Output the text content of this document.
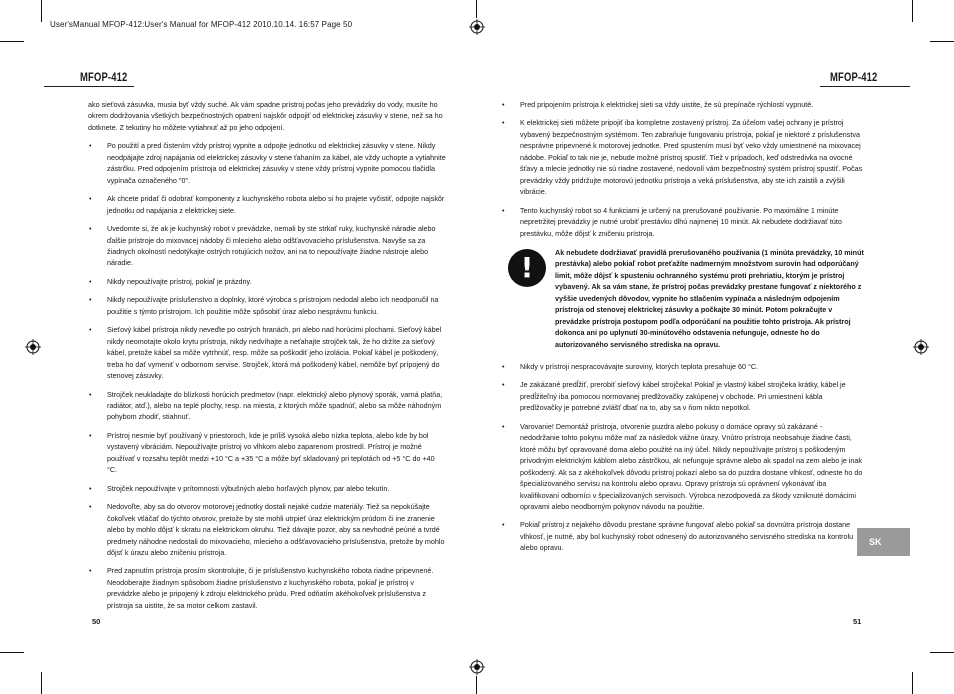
User'sManual MFOP-412:User's Manual for MFOP-412 2010.10.14. 16:57 Page 50
MFOP-412

ako sieťová zásuvka, musia byť vždy suché. Ak vám spadne prístroj počas jeho prevádzky do vody, musíte ho okrem dodržovania všetkých bezpečnostných opatrení najskôr odpojiť od elektrickej zásuvky v stene, než sa ho dotknete. Z tekutiny ho môžete vytiahnuť až po jeho odpojení.

• Po použití a pred čistením vždy prístroj vypnite a odpojte jednotku od elektrickej zásuvky v stene. Nikdy neodpájajte zdroj napájania od elektrickej zásuvky v stene ťahaním za kábel, ale vždy uchopte a vytiahnite zástrčku. Pred odpojením prístroja od elektrickej zásuvky v stene vždy prístroj vypnite pomocou tlačidla vypínača označeného "0".
• Ak chcete pridať či odobrať komponenty z kuchynského robota alebo si ho prajete vyčistiť, odpojte najskôr jednotku od napájania z elektrickej siete.
• Uvedomte si, že ak je kuchynský robot v prevádzke, nemali by ste strkať ruky, kuchynské náradie alebo ďalšie prístroje do mixovacej nádoby či mlecieho alebo odšťavovacieho príslušenstva. Navyše sa za žiadnych okolností nedotýkajte ostrých rotujúcich nožov, ani na to nepoužívajte žiadne nástroje alebo náradie.
• Nikdy nepoužívajte prístroj, pokiaľ je prázdny.
• Nikdy nepoužívajte príslušenstvo a doplnky, ktoré výrobca s prístrojom nedodal alebo ich neodporučil na použitie s týmto prístrojom. Ich použitie môže spôsobiť úraz alebo nesprávnu funkciu.
• Sieťový kábel prístroja nikdy neveďte po ostrých hranách, pri alebo nad horúcimi plochami. Sieťový kábel nikdy neomotajte okolo krytu prístroja, nikdy nedvíhajte a neťahajte strojček tak, že ho držíte za sieťový kábel, pretože kábel sa môže vytrhnúť, resp. môže sa poškodiť jeho izolácia. Pokiaľ kábel je poškodený, treba ho dať vymeniť v odbornom servise. Strojček, ktorá má poškodený kábel, nemôže byť prípojený do stenovej zásuvky.
• Strojček neukladajte do blízkosti horúcich predmetov (napr. elektrický alebo plynový sporák, varná platňa, radiátor, atď.), alebo na teplé plochy, resp. na miesta, z ktorých môže spadnúť, alebo sa môže náhodným pohybom zhodiť, stiahnuť.
• Prístroj nesmie byť používaný v priestoroch, kde je príliš vysoká alebo nízka teplota, alebo kde by bol vystavený vibráciám. Nepoužívajte prístroj vo vlhkom alebo zaparenom prostredí. Prístroj je možné používať v rozsahu teplôt medzi +10 °C a +35 °C a môže byť skladovaný pri teplotách od +5 °C do +40 °C.
• Strojček nepoužívajte v prítomnosti výbušných alebo horľavých plynov, par alebo tekutín.
• Nedovoľte, aby sa do otvorov motorovej jednotky dostali nejaké cudzie materiály. Tiež sa nepokúšajte čokoľvek vtláčať do týchto otvorov, pretože by ste mohli utrpieť úraz elektrickým prúdom či ine zranenie alebo by mohlo dôjsť k skratu na elektrickom okruhu. Tiež dávajte pozor, aby sa nevhodné peúné a tvrdé predmety náhodne nedostali do mixovacieho, mlecieho a odšťavovacieho príslušenstva, pretože by mohlo dôjsť k úrazu alebo zničeniu prístroja.
• Pred zapnutím prístroja prosím skontrolujte, či je príslušenstvo kuchynského robota riadne pripevnené. Neodoberajte žiadnym spôsobom žiadne príslušenstvo z kuchynského robota, pokiaľ je prístroj v prevádzke alebo je pripojený k zdroju elektrického prúdu. Pred odňatím akéhokoľvek príslušenstva z prístroja sa uistite, že sa motor celkom zastavil.
50
MFOP-412
• Pred pripojením prístroja k elektrickej sieti sa vždy uistite, že sú prepínače rýchlostí vypnuté.
• K elektrickej sieti môžete pripojiť iba kompletne zostavený prístroj. Za účelom vašej ochrany je prístroj vybavený bezpečnostným systémom. Ten zabraňuje fungovaniu prístroja, pokiaľ je niektoré z príslušenstva nesprávne pripevnené k motorovej jednotke. Pred spustením musí byť veko vždy umiestnené na mixovacej nádobe. Pokiaľ to tak nie je, nebude možné prístroj spustiť. Tiež v prípadoch, keď odstredivka na ovocné šťavy a mlecie jednotky nie sú riadne zostavené, nedovolí vám bezpečnostný systém prístroj spustiť. Počas prevádzky vždy pridržujte motorovú jednotku prístroja a veká príslušenstva, aby ste ich zaistili a zvýšili vibrácie.
• Tento kuchynský robot so 4 funkciami je určený na prerušované používanie. Po maximálne 1 minúte nepretržitej prevádzky je nutné urobiť prestávku dlhú najmenej 10 minút. Ak nebudete dodržiavať túto prestávku, môže dôjsť k zničeniu prístroja.
!	Ak nebudete dodržiavať pravidlá prerušovaného používania (1 minúta prevádzky, 10 minút prestávka) alebo pokiaľ robot preťažíte nadmerným množstvom surovín had odporúčaný limit, môže dôjsť k spusteniu ochranného systému proti prehriatiu, ktorým je prístroj vybavený. Ak sa vám stane, že prístroj počas prevádzky prestane fungovať z niektorého z vyššie uvedených dôvodov, vypnite ho stlačením vypínača a následným odpojením prístroja od stenovej elektrickej zásuvky a počkajte 30 minút. Potom pokračujte v prevádzke prístroja postupom podľa odporúčaní na použitie tohto prístroja. Ak prístroj dokonca ani po uplynutí 30-minútového odstavenia nefunguje, odneste ho do autorizovaného servisného strediska na opravu.
• Nikdy v prístroji nespracovávajte suroviny, ktorých teplota presahuje 60 °C.
• Je zakázané predĺžiť, prerobiť sieťový kábel strojčeka! Pokiaľ je vlastný kábel strojčeka krátky, kábel je predĺžiteľný iba pomocou normovanej predlžovačky zakúpenej v obchode. Pri umiestnení kábla predlžovačky je potrebné zvlášť dbať na to, aby sa v ňom nikto nepotkol.
• Varovanie! Demontáž prístroja, otvorenie puzdra alebo pokusy o domáce opravy sú zakázané - nedodržanie tohto pokynu môže mať za následok vážne úrazy. Vnútro prístroja neobsahuje žiadne časti, ktoré môžu byť opravované doma alebo použité na iný účel. Nikdy nepoužívajte prístroj s poškodeným prívodným elektrickým káblom alebo zástrčkou, ak nefunguje správne alebo ak spadol na zem alebo je inak poškodený. Ak sa z akéhokoľvek dôvodu prístroj pokazí alebo sa do puzdra dostane vlhkosť, odneste ho do špecializovaného servisu na kontrolu alebo opravu. Opravy prístroja sú oprávnení vykonávať iba kvalifikovaní odborníci v špecializovaných servisoch. Výrobca nezodpovedá za škody vzniknuté domácimi opravami alebo neodborným pokynov návodu na použitie.
• Pokiaľ prístroj z nejakého dôvodu prestane správne fungovať alebo pokiaľ sa dovnútra prístroja dostane vlhkosť, je nutné, aby bol kuchynský robot odnesený do autorizovaného servisného strediska na kontrolu alebo opravu.
SK
51
